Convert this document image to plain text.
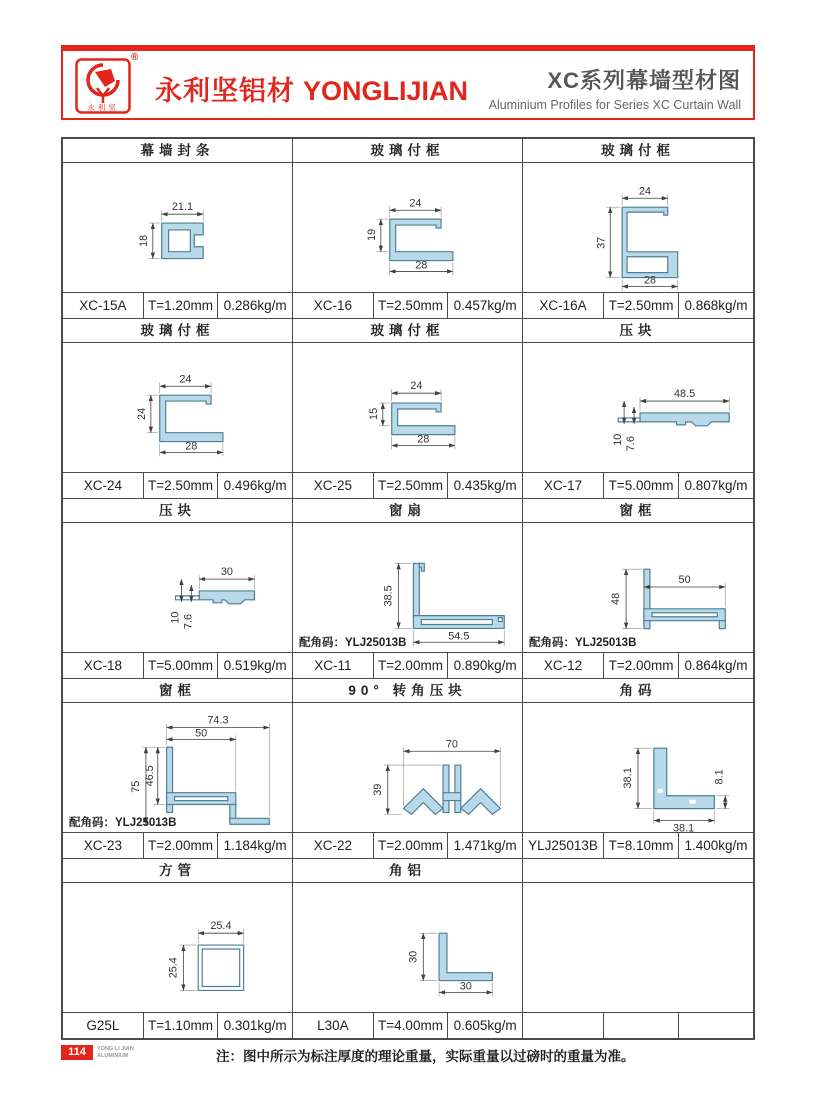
永利坚
®
永利坚铝材 YONGLIJIAN	XC系列幕墙型材图
Aluminium Profiles for Series XC Curtain Wall
幕墙封条
21.1
18
XC-15A	T=1.20mm 0.286kg/m
玻璃付框
24
19
28
XC-16	T=2.50mm 0.457kg/m
玻璃付框
24
37
28
XC-16A	T=2.50mm 0.868kg/m
玻璃付框
24
24
28
XC-24	T=2.50mm 0.496kg/m
玻璃付框
24
15
28
XC-25	T=2.50mm 0.435kg/m
压块
48.5
10 7.6
XC-17	T=5.00mm 0.807kg/m
压块
30
10 7.6
XC-18	T=5.00mm 0.519kg/m
窗扇
38.5
54.5
配角码：YLJ25013B
XC-11	T=2.00mm 0.890kg/m
窗框
50
48
配角码：YLJ25013B
XC-12	T=2.00mm 0.864kg/m
窗框
74.3
50
75
46.5
配角码：YLJ25013B
XC-23	T=2.00mm 1.184kg/m
90° 转角压块
70
39
XC-22	T=2.00mm 1.471kg/m
角码
38.1	8.1
38.1
YLJ25013B T=8.10mm 1.400kg/m
方管
25.4
25.4
G25L	T=1.10mm 0.301kg/m
角铝
30
30
L30A	T=4.00mm 0.605kg/m
114	YONG LI JIAN
ALUMINIUM	注：图中所示为标注厚度的理论重量，实际重量以过磅时的重量为准。
